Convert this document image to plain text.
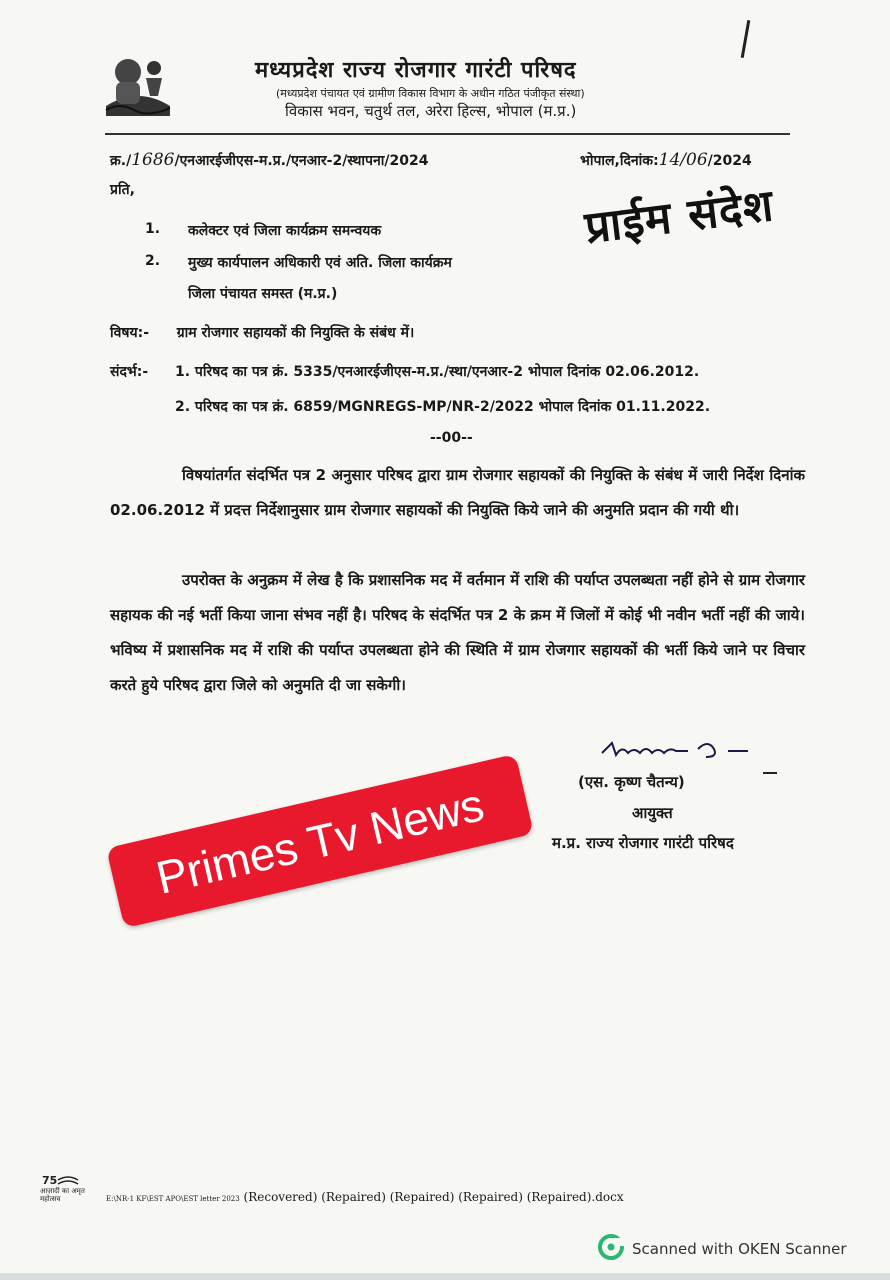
मध्यप्रदेश राज्य रोजगार गारंटी परिषद
(मध्यप्रदेश पंचायत एवं ग्रामीण विकास विभाग के अधीन गठित पंजीकृत संस्था)
विकास भवन, चतुर्थ तल, अरेरा हिल्स, भोपाल (म.प्र.)
क्र./1686/एनआरईजीएस-म.प्र./एनआर-2/स्थापना/2024	भोपाल,दिनांक:14/06/2024
प्रति,
1. कलेक्टर एवं जिला कार्यक्रम समन्वयक
2. मुख्य कार्यपालन अधिकारी एवं अति. जिला कार्यक्रम
जिला पंचायत समस्त (म.प्र.)
प्राईम संदेश
विषय:- ग्राम रोजगार सहायकों की नियुक्ति के संबंध में।
संदर्भ:- 1. परिषद का पत्र क्रं. 5335/एनआरईजीएस-म.प्र./स्था/एनआर-2 भोपाल दिनांक 02.06.2012.
2. परिषद का पत्र क्रं. 6859/MGNREGS-MP/NR-2/2022 भोपाल दिनांक 01.11.2022.
--00--
विषयांतर्गत संदर्भित पत्र 2 अनुसार परिषद द्वारा ग्राम रोजगार सहायकों की नियुक्ति के संबंध में जारी निर्देश दिनांक 02.06.2012 में प्रदत्त निर्देशानुसार ग्राम रोजगार सहायकों की नियुक्ति किये जाने की अनुमति प्रदान की गयी थी।
उपरोक्त के अनुक्रम में लेख है कि प्रशासनिक मद में वर्तमान में राशि की पर्याप्त उपलब्धता नहीं होने से ग्राम रोजगार सहायक की नई भर्ती किया जाना संभव नहीं है। परिषद के संदर्भित पत्र 2 के क्रम में जिलों में कोई भी नवीन भर्ती नहीं की जाये। भविष्य में प्रशासनिक मद में राशि की पर्याप्त उपलब्धता होने की स्थिति में ग्राम रोजगार सहायकों की भर्ती किये जाने पर विचार करते हुये परिषद द्वारा जिले को अनुमति दी जा सकेगी।
(एस. कृष्ण चैतन्य)
आयुक्त
म.प्र. राज्य रोजगार गारंटी परिषद
Primes Tv News
75
आज़ादी का अमृत महोत्सव	E:\NR-1 KF\EST APO\EST letter 2023 (Recovered) (Repaired) (Repaired) (Repaired) (Repaired).docx
Scanned with OKEN Scanner
